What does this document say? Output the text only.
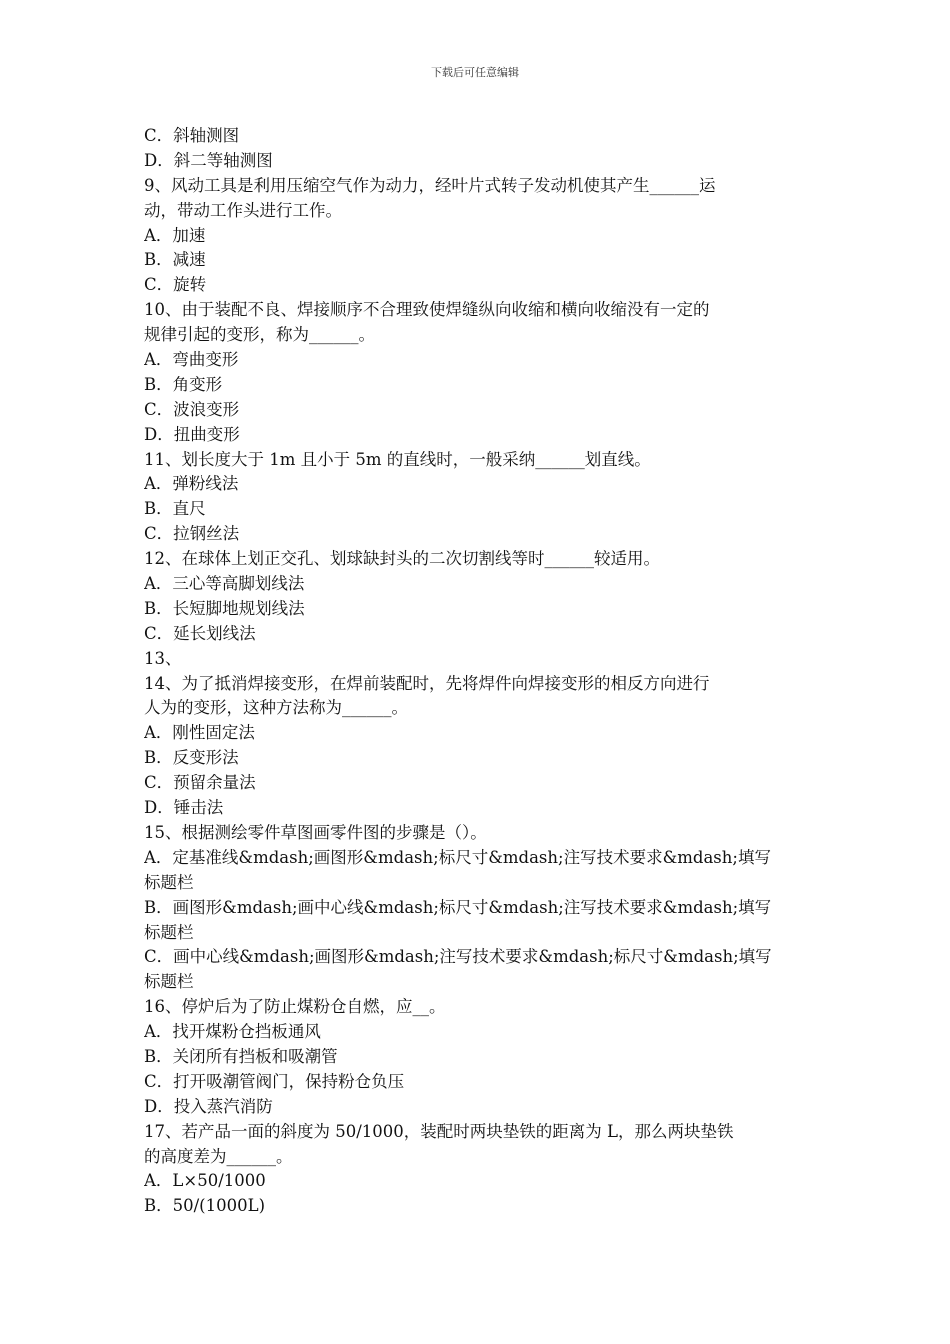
下载后可任意编辑
C．斜轴测图
D．斜二等轴测图
9、风动工具是利用压缩空气作为动力，经叶片式转子发动机使其产生______运
动，带动工作头进行工作。
A．加速
B．减速
C．旋转
10、由于装配不良、焊接顺序不合理致使焊缝纵向收缩和横向收缩没有一定的
规律引起的变形，称为______。
A．弯曲变形
B．角变形
C．波浪变形
D．扭曲变形
11、划长度大于 1m 且小于 5m 的直线时，一般采纳______划直线。
A．弹粉线法
B．直尺
C．拉钢丝法
12、在球体上划正交孔、划球缺封头的二次切割线等时______较适用。
A．三心等高脚划线法
B．长短脚地规划线法
C．延长划线法
13、
14、为了抵消焊接变形，在焊前装配时，先将焊件向焊接变形的相反方向进行
人为的变形，这种方法称为______。
A．刚性固定法
B．反变形法
C．预留余量法
D．锤击法
15、根据测绘零件草图画零件图的步骤是（）。
A．定基准线&mdash;画图形&mdash;标尺寸&mdash;注写技术要求&mdash;填写
标题栏
B．画图形&mdash;画中心线&mdash;标尺寸&mdash;注写技术要求&mdash;填写
标题栏
C．画中心线&mdash;画图形&mdash;注写技术要求&mdash;标尺寸&mdash;填写
标题栏
16、停炉后为了防止煤粉仓自燃，应__。
A．找开煤粉仓挡板通风
B．关闭所有挡板和吸潮管
C．打开吸潮管阀门，保持粉仓负压
D．投入蒸汽消防
17、若产品一面的斜度为 50/1000，装配时两块垫铁的距离为 L，那么两块垫铁
的高度差为______。
A．L×50/1000
B．50/(1000L)
